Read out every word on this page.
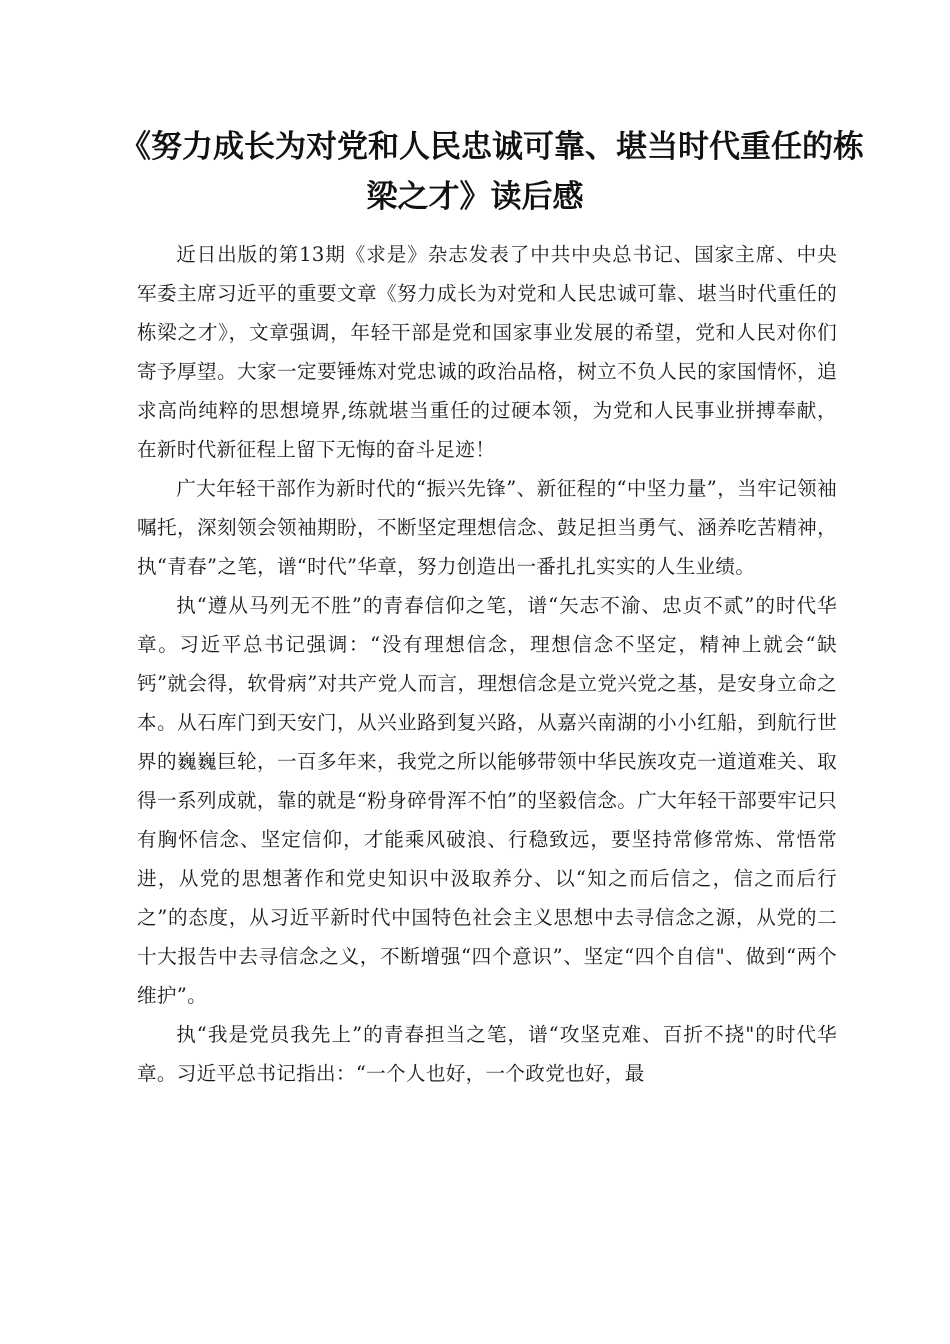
《努力成长为对党和人民忠诚可靠、堪当时代重任的栋
梁之才》读后感

近日出版的第13期《求是》杂志发表了中共中央总书记、国家主席、中央军委主席习近平的重要文章《努力成长为对党和人民忠诚可靠、堪当时代重任的栋梁之才》，文章强调，年轻干部是党和国家事业发展的希望，党和人民对你们寄予厚望。大家一定要锤炼对党忠诚的政治品格，树立不负人民的家国情怀，追求高尚纯粹的思想境界,练就堪当重任的过硬本领，为党和人民事业拼搏奉献，在新时代新征程上留下无悔的奋斗足迹！

广大年轻干部作为新时代的“振兴先锋”、新征程的“中坚力量”，当牢记领袖嘱托，深刻领会领袖期盼，不断坚定理想信念、鼓足担当勇气、涵养吃苦精神，执“青春”之笔，谱“时代”华章，努力创造出一番扎扎实实的人生业绩。

执“遵从马列无不胜”的青春信仰之笔，谱“矢志不渝、忠贞不贰”的时代华章。习近平总书记强调：“没有理想信念，理想信念不坚定，精神上就会“缺钙”就会得，软骨病”对共产党人而言，理想信念是立党兴党之基，是安身立命之本。从石库门到天安门，从兴业路到复兴路，从嘉兴南湖的小小红船，到航行世界的巍巍巨轮，一百多年来，我党之所以能够带领中华民族攻克一道道难关、取得一系列成就，靠的就是“粉身碎骨浑不怕”的坚毅信念。广大年轻干部要牢记只有胸怀信念、坚定信仰，才能乘风破浪、行稳致远，要坚持常修常炼、常悟常进，从党的思想著作和党史知识中汲取养分、以“知之而后信之，信之而后行之”的态度，从习近平新时代中国特色社会主义思想中去寻信念之源，从党的二十大报告中去寻信念之义，不断增强“四个意识”、坚定“四个自信"、做到“两个维护”。

执“我是党员我先上”的青春担当之笔，谱“攻坚克难、百折不挠"的时代华章。习近平总书记指出：“一个人也好，一个政党也好，最
